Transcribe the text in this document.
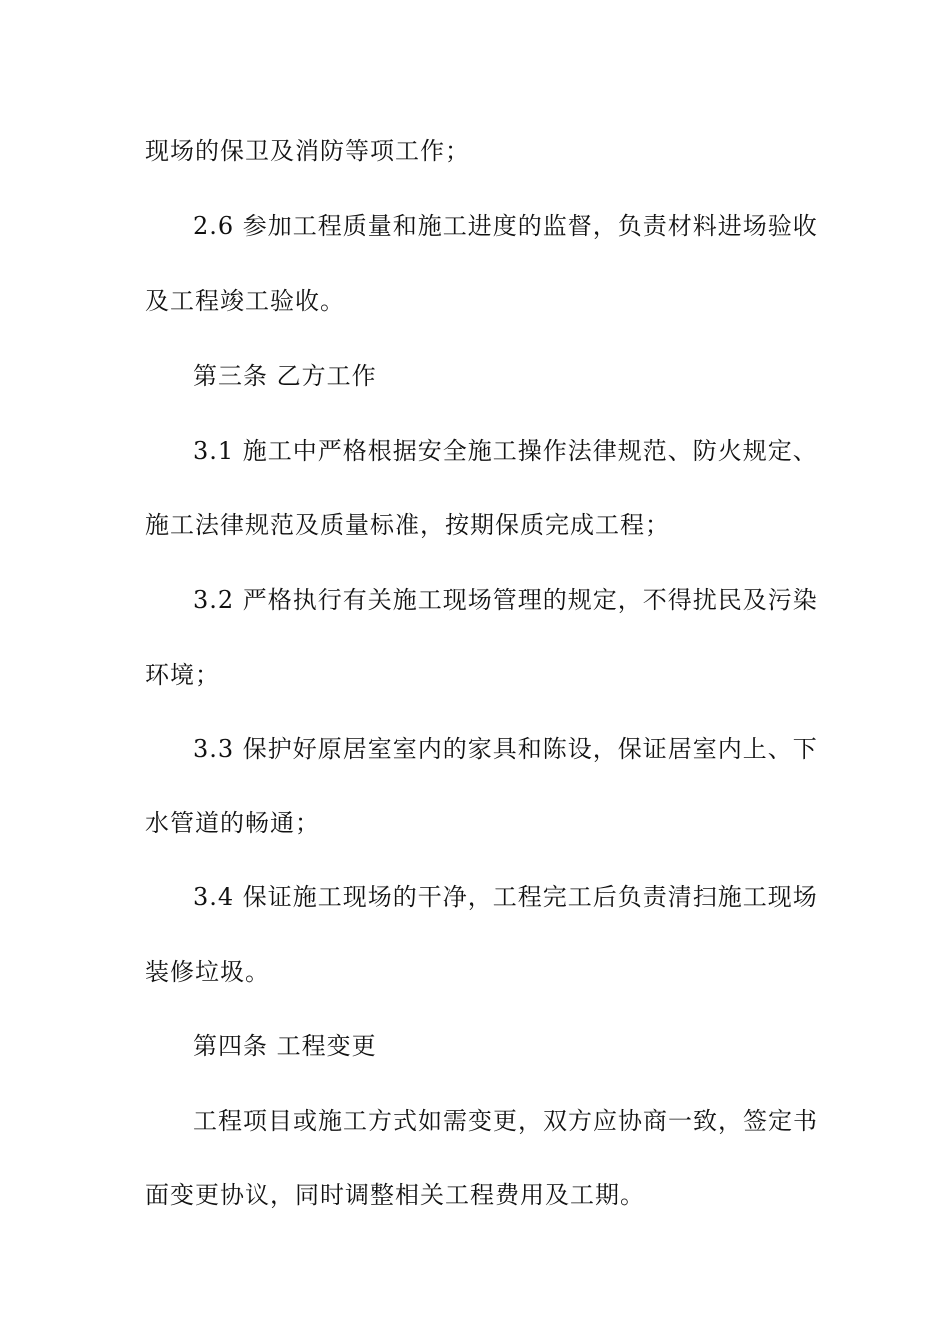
现场的保卫及消防等项工作；
2.6 参加工程质量和施工进度的监督，负责材料进场验收
及工程竣工验收。
第三条 乙方工作
3.1 施工中严格根据安全施工操作法律规范、防火规定、
施工法律规范及质量标准，按期保质完成工程；
3.2 严格执行有关施工现场管理的规定，不得扰民及污染
环境；
3.3 保护好原居室室内的家具和陈设，保证居室内上、下
水管道的畅通；
3.4 保证施工现场的干净，工程完工后负责清扫施工现场
装修垃圾。
第四条 工程变更
工程项目或施工方式如需变更，双方应协商一致，签定书
面变更协议，同时调整相关工程费用及工期。
